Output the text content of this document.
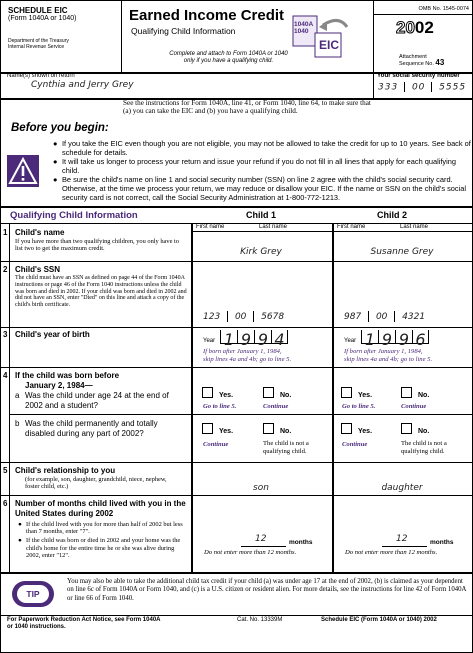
SCHEDULE EIC
(Form 1040A or 1040)
Department of the Treasury
Internal Revenue Service
Earned Income Credit
Qualifying Child Information
Complete and attach to Form 1040A or 1040
only if you have a qualifying child.
1040A
1040
EIC
OMB No. 1545-0074
2002
Attachment
Sequence No. 43
Name(s) shown on return
Cynthia and Jerry Grey
Your social security number
333 00 5555
Before you begin:
See the instructions for Form 1040A, line 41, or Form 1040, line 64, to make sure that
(a) you can take the EIC and (b) you have a qualifying child.
● If you take the EIC even though you are not eligible, you may not be allowed to take the credit for up to 10 years. See back of schedule for details.
● It will take us longer to process your return and issue your refund if you do not fill in all lines that apply for each qualifying child.
● Be sure the child's name on line 1 and social security number (SSN) on line 2 agree with the child's social security card. Otherwise, at the time we process your return, we may reduce or disallow your EIC. If the name or SSN on the child's social security card is not correct, call the Social Security Administration at 1-800-772-1213.
Qualifying Child Information	Child 1	Child 2
1 Child's name
If you have more than two qualifying children, you only have to list two to get the maximum credit.
First name	Last name	First name	Last name
Kirk Grey	Susanne Grey
2 Child's SSN
The child must have an SSN as defined on page 44 of the Form 1040A instructions or page 46 of the Form 1040 instructions unless the child was born and died in 2002. If your child was born and died in 2002 and did not have an SSN, enter "Died" on this line and attach a copy of the child's birth certificate.
123 00 5678	987 00 4321
3 Child's year of birth
Year 1 9 9 4
If born after January 1, 1984,
skip lines 4a and 4b; go to line 5.
Year 1 9 9 6
If born after January 1, 1984,
skip lines 4a and 4b; go to line 5.
4 If the child was born before
January 2, 1984—
a Was the child under age 24 at the end of 2002 and a student?
Yes.	No.
Go to line 5.	Continue
Yes.	No.
Go to line 5.	Continue
b Was the child permanently and totally disabled during any part of 2002?	Yes.	No.
Continue	The child is not a
qualifying child.
Yes.	No.
Continue	The child is not a
qualifying child.
5 Child's relationship to you
(for example, son, daughter, grandchild, niece, nephew, foster child, etc.)	son	daughter
6 Number of months child lived with you in the United States during 2002
● If the child lived with you for more than half of 2002 but less than 7 months, enter "7".
● If the child was born or died in 2002 and your home was the child's home for the entire time he or she was alive during 2002, enter "12".
12	months
Do not enter more than 12 months.
12	months
Do not enter more than 12 months.
TIP
You may also be able to take the additional child tax credit if your child (a) was under age 17 at the end of 2002, (b) is claimed as your dependent on line 6c of Form 1040A or Form 1040, and (c) is a U.S. citizen or resident alien. For more details, see the instructions for line 42 of Form 1040A or line 66 of Form 1040.
For Paperwork Reduction Act Notice, see Form 1040A or 1040 instructions.
Cat. No. 13339M	Schedule EIC (Form 1040A or 1040) 2002
